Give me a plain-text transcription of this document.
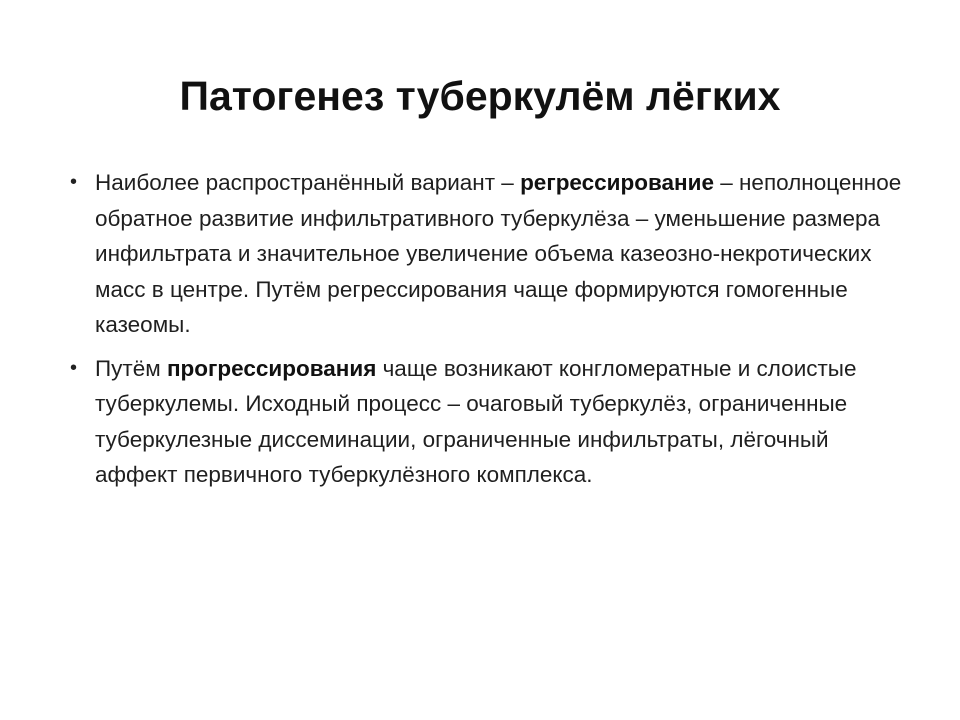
Патогенез туберкулём лёгких
• Наиболее распространённый вариант – регрессирование – неполноценное обратное развитие инфильтративного туберкулёза – уменьшение размера инфильтрата и значительное увеличение объема казеозно-некротических масс в центре. Путём регрессирования чаще формируются гомогенные казеомы.
• Путём прогрессирования чаще возникают конгломератные и слоистые туберкулемы. Исходный процесс – очаговый туберкулёз, ограниченные туберкулезные диссеминации, ограниченные инфильтраты, лёгочный аффект первичного туберкулёзного комплекса.
